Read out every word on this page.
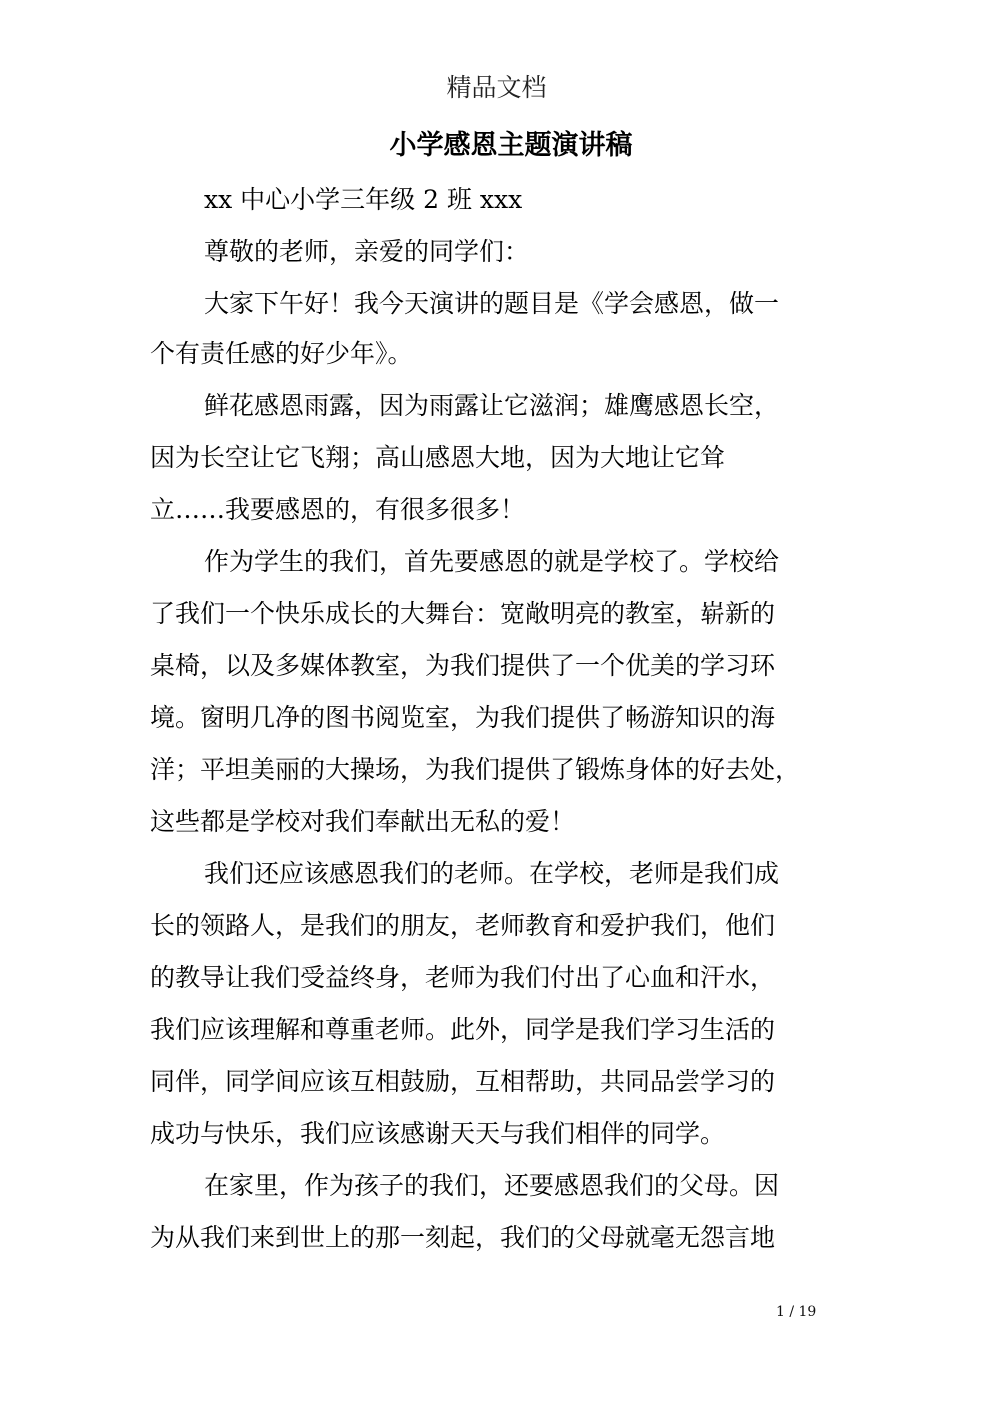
精品文档
小学感恩主题演讲稿
xx 中心小学三年级 2 班 xxx
尊敬的老师，亲爱的同学们：
大家下午好！我今天演讲的题目是《学会感恩，做一
个有责任感的好少年》。
鲜花感恩雨露，因为雨露让它滋润；雄鹰感恩长空，
因为长空让它飞翔；高山感恩大地，因为大地让它耸
立……我要感恩的，有很多很多！
作为学生的我们，首先要感恩的就是学校了。学校给
了我们一个快乐成长的大舞台：宽敞明亮的教室，崭新的
桌椅，以及多媒体教室，为我们提供了一个优美的学习环
境。窗明几净的图书阅览室，为我们提供了畅游知识的海
洋；平坦美丽的大操场，为我们提供了锻炼身体的好去处，
这些都是学校对我们奉献出无私的爱！
我们还应该感恩我们的老师。在学校，老师是我们成
长的领路人，是我们的朋友，老师教育和爱护我们，他们
的教导让我们受益终身，老师为我们付出了心血和汗水，
我们应该理解和尊重老师。此外，同学是我们学习生活的
同伴，同学间应该互相鼓励，互相帮助，共同品尝学习的
成功与快乐，我们应该感谢天天与我们相伴的同学。
在家里，作为孩子的我们，还要感恩我们的父母。因
为从我们来到世上的那一刻起，我们的父母就毫无怨言地
1 / 19
